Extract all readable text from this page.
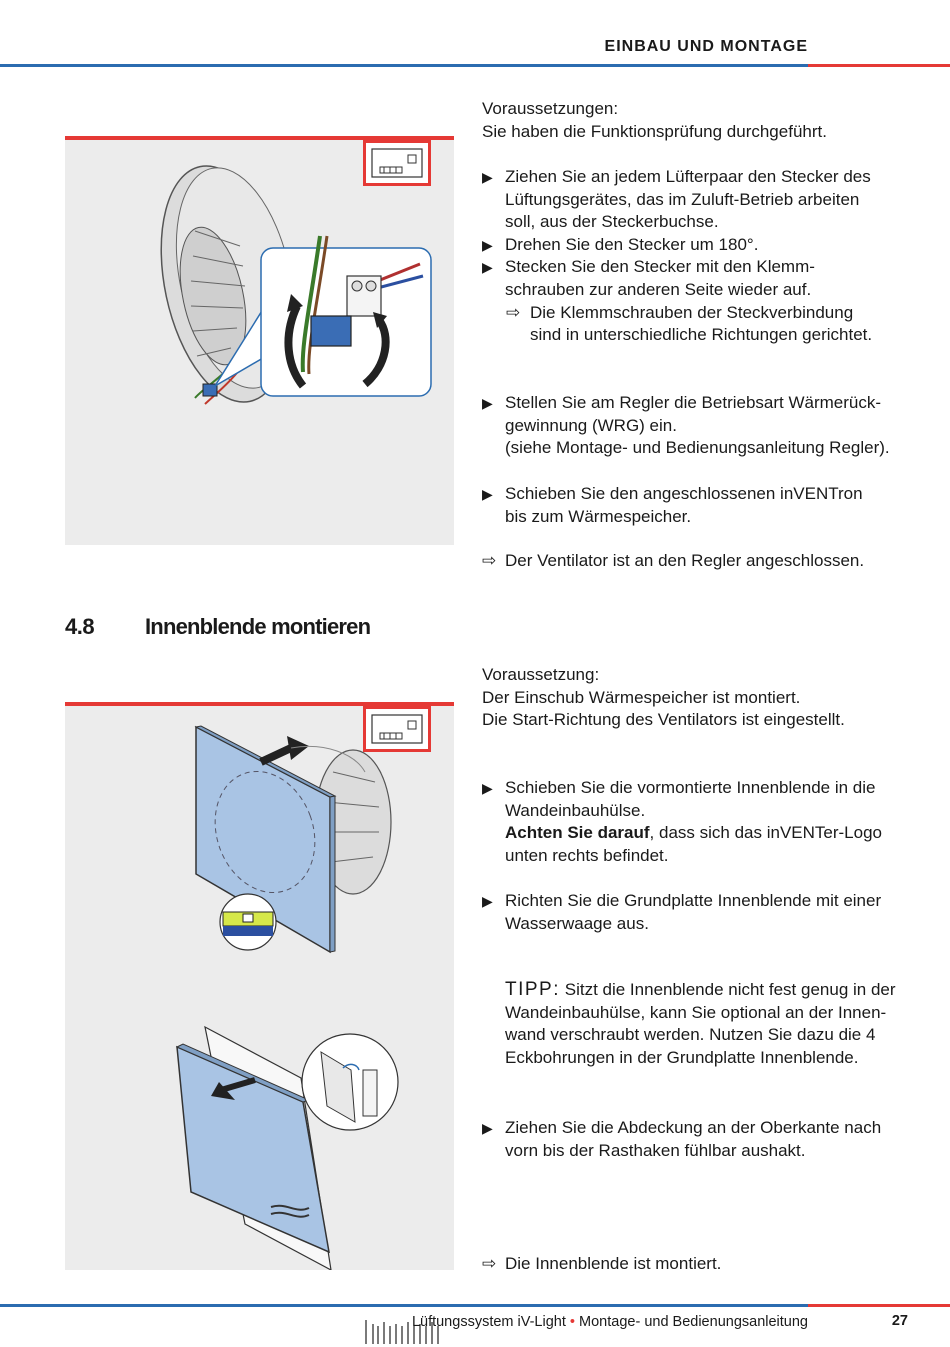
EINBAU UND MONTAGE

Voraussetzungen:

Sie haben die Funktionsprüfung durchgeführt.

▶ Ziehen Sie an jedem Lüfterpaar den Stecker des
Lüftungsgerätes, das im Zuluft-Betrieb arbeiten
soll, aus der Steckerbuchse.
▶ Drehen Sie den Stecker um 180°.
▶ Stecken Sie den Stecker mit den Klemm-
schrauben zur anderen Seite wieder auf.
⇨ Die Klemmschrauben der Steckverbindung
sind in unterschiedliche Richtungen gerichtet.
▶ Stellen Sie am Regler die Betriebsart Wärmerück-
gewinnung (WRG) ein.
(siehe Montage- und Bedienungsanleitung Regler).
▶ Schieben Sie den angeschlossenen inVENTron
bis zum Wärmespeicher.
⇨ Der Ventilator ist an den Regler angeschlossen.
4.8 Innenblende montieren

Voraussetzung:

Der Einschub Wärmespeicher ist montiert.

Die Start-Richtung des Ventilators ist eingestellt.

▶ Schieben Sie die vormontierte Innenblende in die
Wandeinbauhülse.
Achten Sie darauf, dass sich das inVENTer-Logo
unten rechts befindet.
▶ Richten Sie die Grundplatte Innenblende mit einer
Wasserwaage aus.
TIPP: Sitzt die Innenblende nicht fest genug in der
Wandeinbauhülse, kann Sie optional an der Innen-
wand verschraubt werden. Nutzen Sie dazu die 4
Eckbohrungen in der Grundplatte Innenblende.
▶ Ziehen Sie die Abdeckung an der Oberkante nach
vorn bis der Rasthaken fühlbar aushakt.
⇨ Die Innenblende ist montiert.
Lüftungssystem iV-Light • Montage- und Bedienungsanleitung	27
